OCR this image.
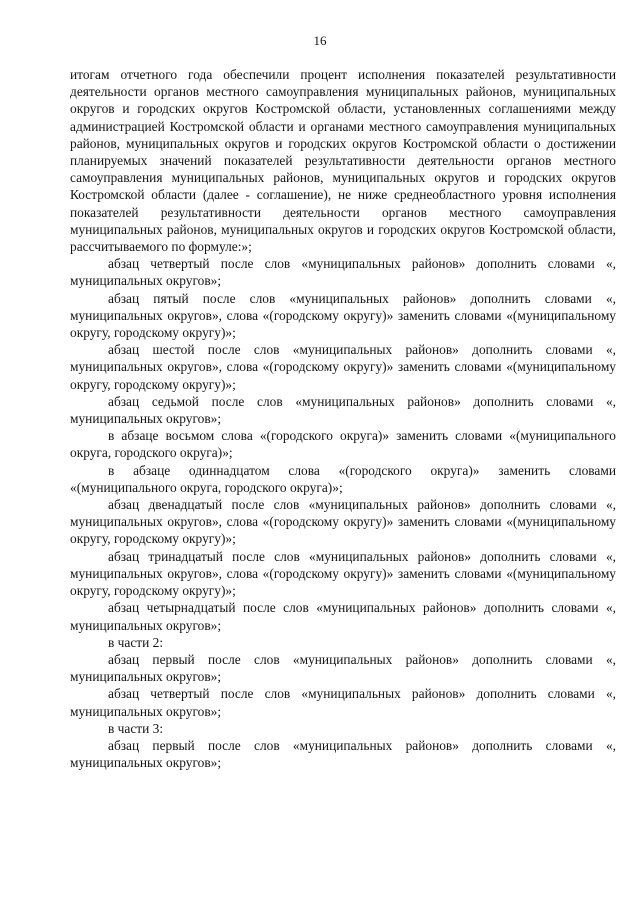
16

итогам отчетного года обеспечили процент исполнения показателей результативности деятельности органов местного самоуправления муниципальных районов, муниципальных округов и городских округов Костромской области, установленных соглашениями между администрацией Костромской области и органами местного самоуправления муниципальных районов, муниципальных округов и городских округов Костромской области о достижении планируемых значений показателей результативности деятельности органов местного самоуправления муниципальных районов, муниципальных округов и городских округов Костромской области (далее - соглашение), не ниже среднеобластного уровня исполнения показателей результативности деятельности органов местного самоуправления муниципальных районов, муниципальных округов и городских округов Костромской области, рассчитываемого по формуле:»;

абзац четвертый после слов «муниципальных районов» дополнить словами «, муниципальных округов»;

абзац пятый после слов «муниципальных районов» дополнить словами «, муниципальных округов», слова «(городскому округу)» заменить словами «(муниципальному округу, городскому округу)»;

абзац шестой после слов «муниципальных районов» дополнить словами «, муниципальных округов», слова «(городскому округу)» заменить словами «(муниципальному округу, городскому округу)»;

абзац седьмой после слов «муниципальных районов» дополнить словами «, муниципальных округов»;

в абзаце восьмом слова «(городского округа)» заменить словами «(муниципального округа, городского округа)»;

в абзаце одиннадцатом слова «(городского округа)» заменить словами «(муниципального округа, городского округа)»;

абзац двенадцатый после слов «муниципальных районов» дополнить словами «, муниципальных округов», слова «(городскому округу)» заменить словами «(муниципальному округу, городскому округу)»;

абзац тринадцатый после слов «муниципальных районов» дополнить словами «, муниципальных округов», слова «(городскому округу)» заменить словами «(муниципальному округу, городскому округу)»;

абзац четырнадцатый после слов «муниципальных районов» дополнить словами «, муниципальных округов»;

в части 2:

абзац первый после слов «муниципальных районов» дополнить словами «, муниципальных округов»;

абзац четвертый после слов «муниципальных районов» дополнить словами «, муниципальных округов»;

в части 3:

абзац первый после слов «муниципальных районов» дополнить словами «, муниципальных округов»;
